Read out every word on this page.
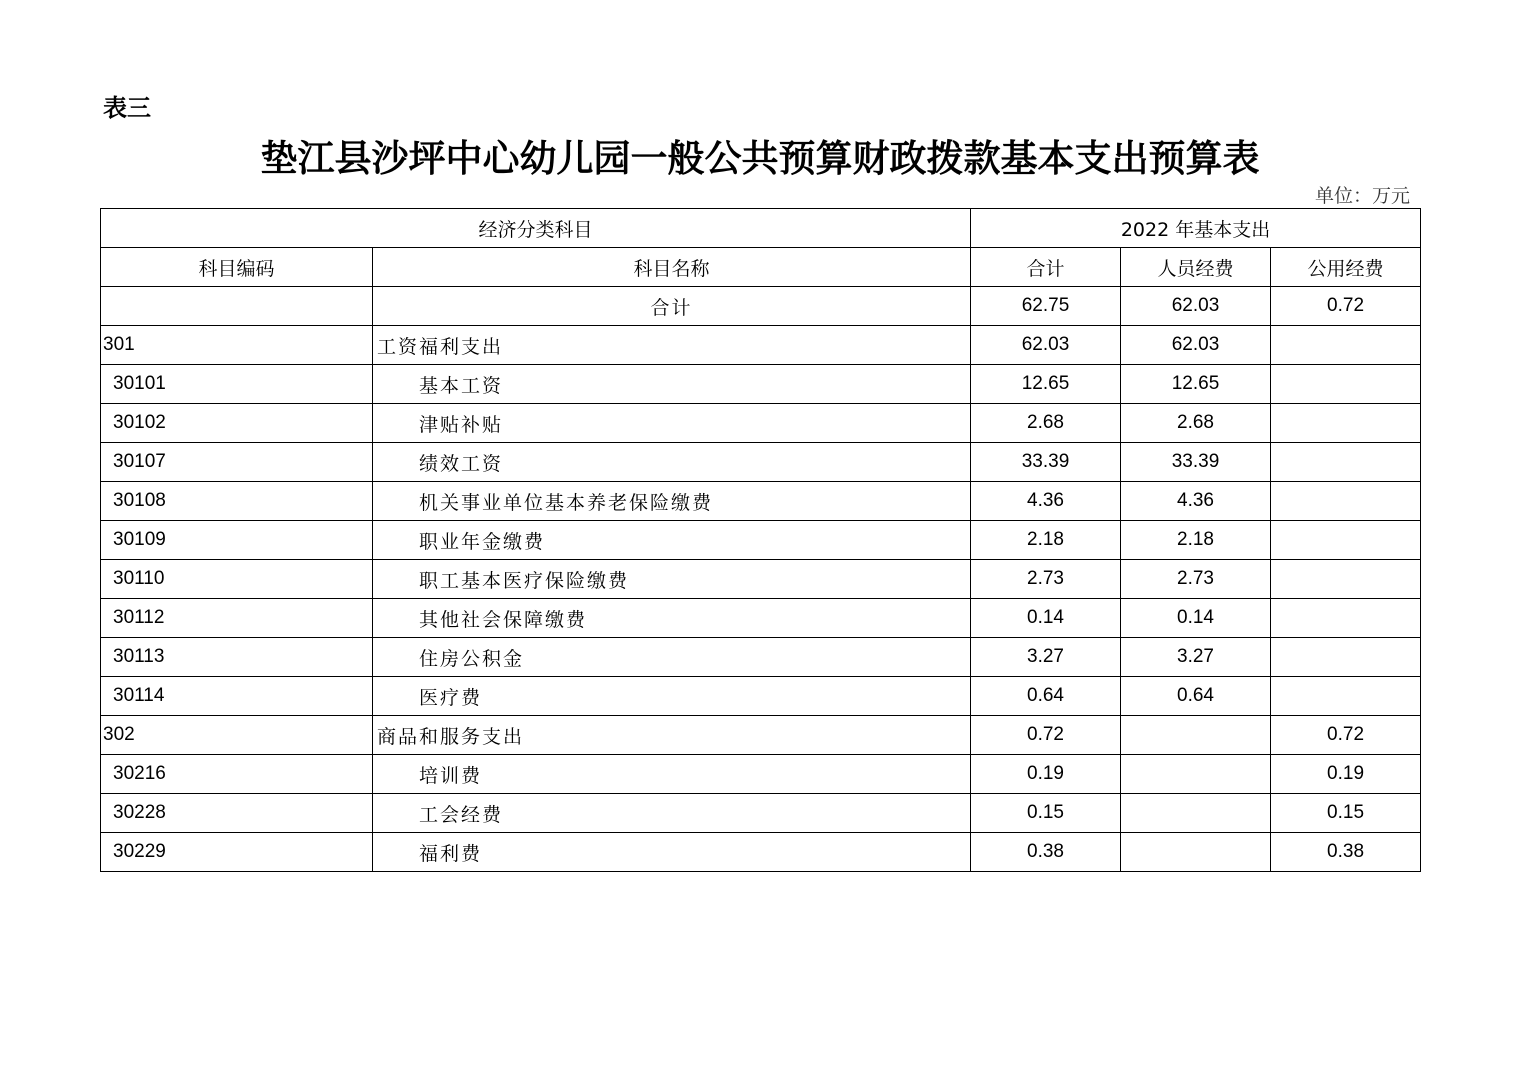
表三
垫江县沙坪中心幼儿园一般公共预算财政拨款基本支出预算表
单位：万元
经济分类科目		2022 年基本支出		
科目编码	科目名称	合计	人员经费	公用经费
	合计	62.75	62.03	0.72
301	工资福利支出	62.03	62.03	
30101	基本工资	12.65	12.65	
30102	津贴补贴	2.68	2.68	
30107	绩效工资	33.39	33.39	
30108	机关事业单位基本养老保险缴费	4.36	4.36	
30109	职业年金缴费	2.18	2.18	
30110	职工基本医疗保险缴费	2.73	2.73	
30112	其他社会保障缴费	0.14	0.14	
30113	住房公积金	3.27	3.27	
30114	医疗费	0.64	0.64	
302	商品和服务支出	0.72		0.72
30216	培训费	0.19		0.19
30228	工会经费	0.15		0.15
30229	福利费	0.38		0.38
